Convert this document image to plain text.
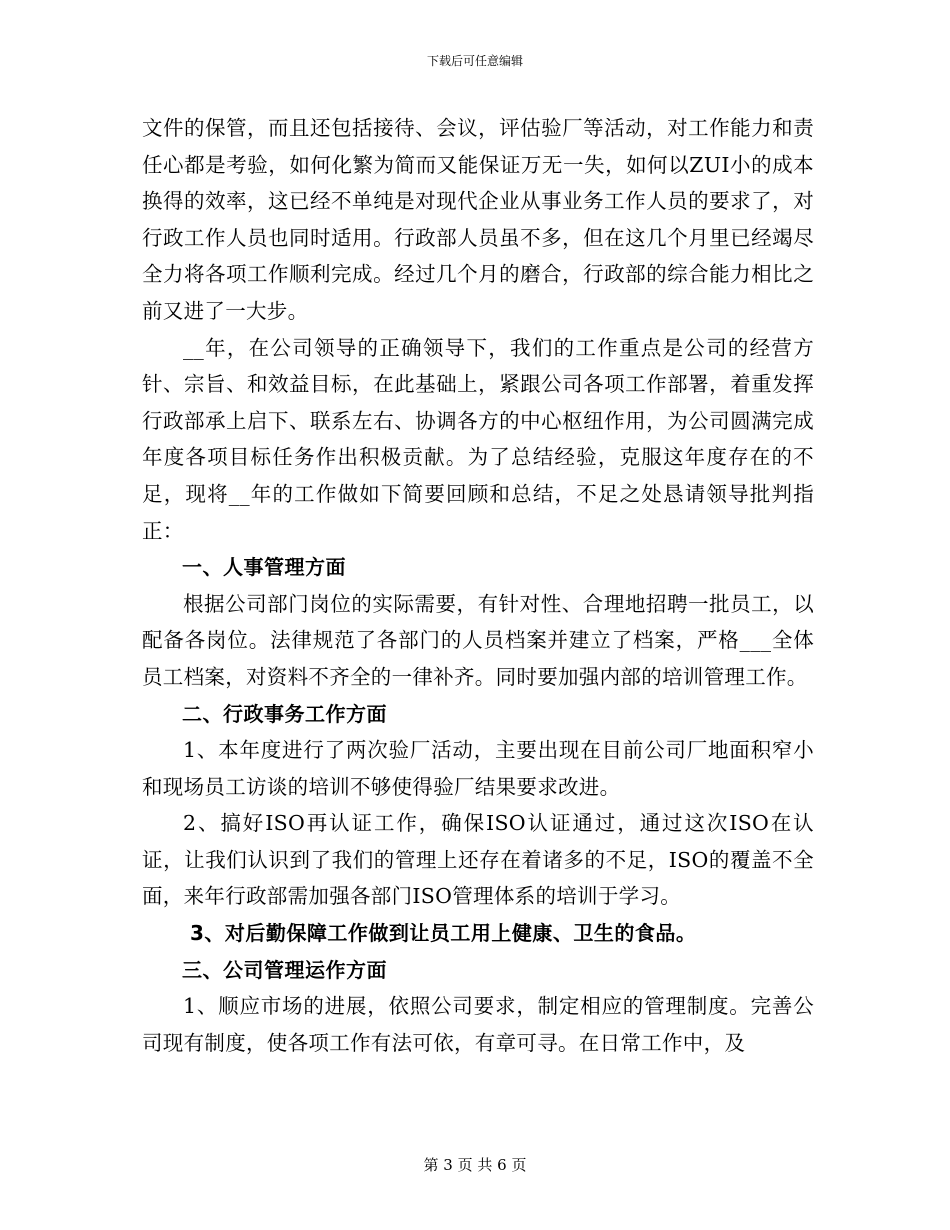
下载后可任意编辑

文件的保管，而且还包括接待、会议，评估验厂等活动，对工作能力和责任心都是考验，如何化繁为简而又能保证万无一失，如何以ZUI小的成本换得的效率，这已经不单纯是对现代企业从事业务工作人员的要求了，对行政工作人员也同时适用。行政部人员虽不多，但在这几个月里已经竭尽全力将各项工作顺利完成。经过几个月的磨合，行政部的综合能力相比之前又进了一大步。

__年，在公司领导的正确领导下，我们的工作重点是公司的经营方针、宗旨、和效益目标，在此基础上，紧跟公司各项工作部署，着重发挥行政部承上启下、联系左右、协调各方的中心枢纽作用，为公司圆满完成年度各项目标任务作出积极贡献。为了总结经验，克服这年度存在的不足，现将__年的工作做如下简要回顾和总结，不足之处恳请领导批判指正：

一、人事管理方面

根据公司部门岗位的实际需要，有针对性、合理地招聘一批员工，以配备各岗位。法律规范了各部门的人员档案并建立了档案，严格___全体员工档案，对资料不齐全的一律补齐。同时要加强内部的培训管理工作。

二、行政事务工作方面

1、本年度进行了两次验厂活动，主要出现在目前公司厂地面积窄小和现场员工访谈的培训不够使得验厂结果要求改进。

2、搞好ISO再认证工作，确保ISO认证通过，通过这次ISO在认证，让我们认识到了我们的管理上还存在着诸多的不足，ISO的覆盖不全面，来年行政部需加强各部门ISO管理体系的培训于学习。

3、对后勤保障工作做到让员工用上健康、卫生的食品。

三、公司管理运作方面

1、顺应市场的进展，依照公司要求，制定相应的管理制度。完善公司现有制度，使各项工作有法可依，有章可寻。在日常工作中，及

第 3 页 共 6 页
